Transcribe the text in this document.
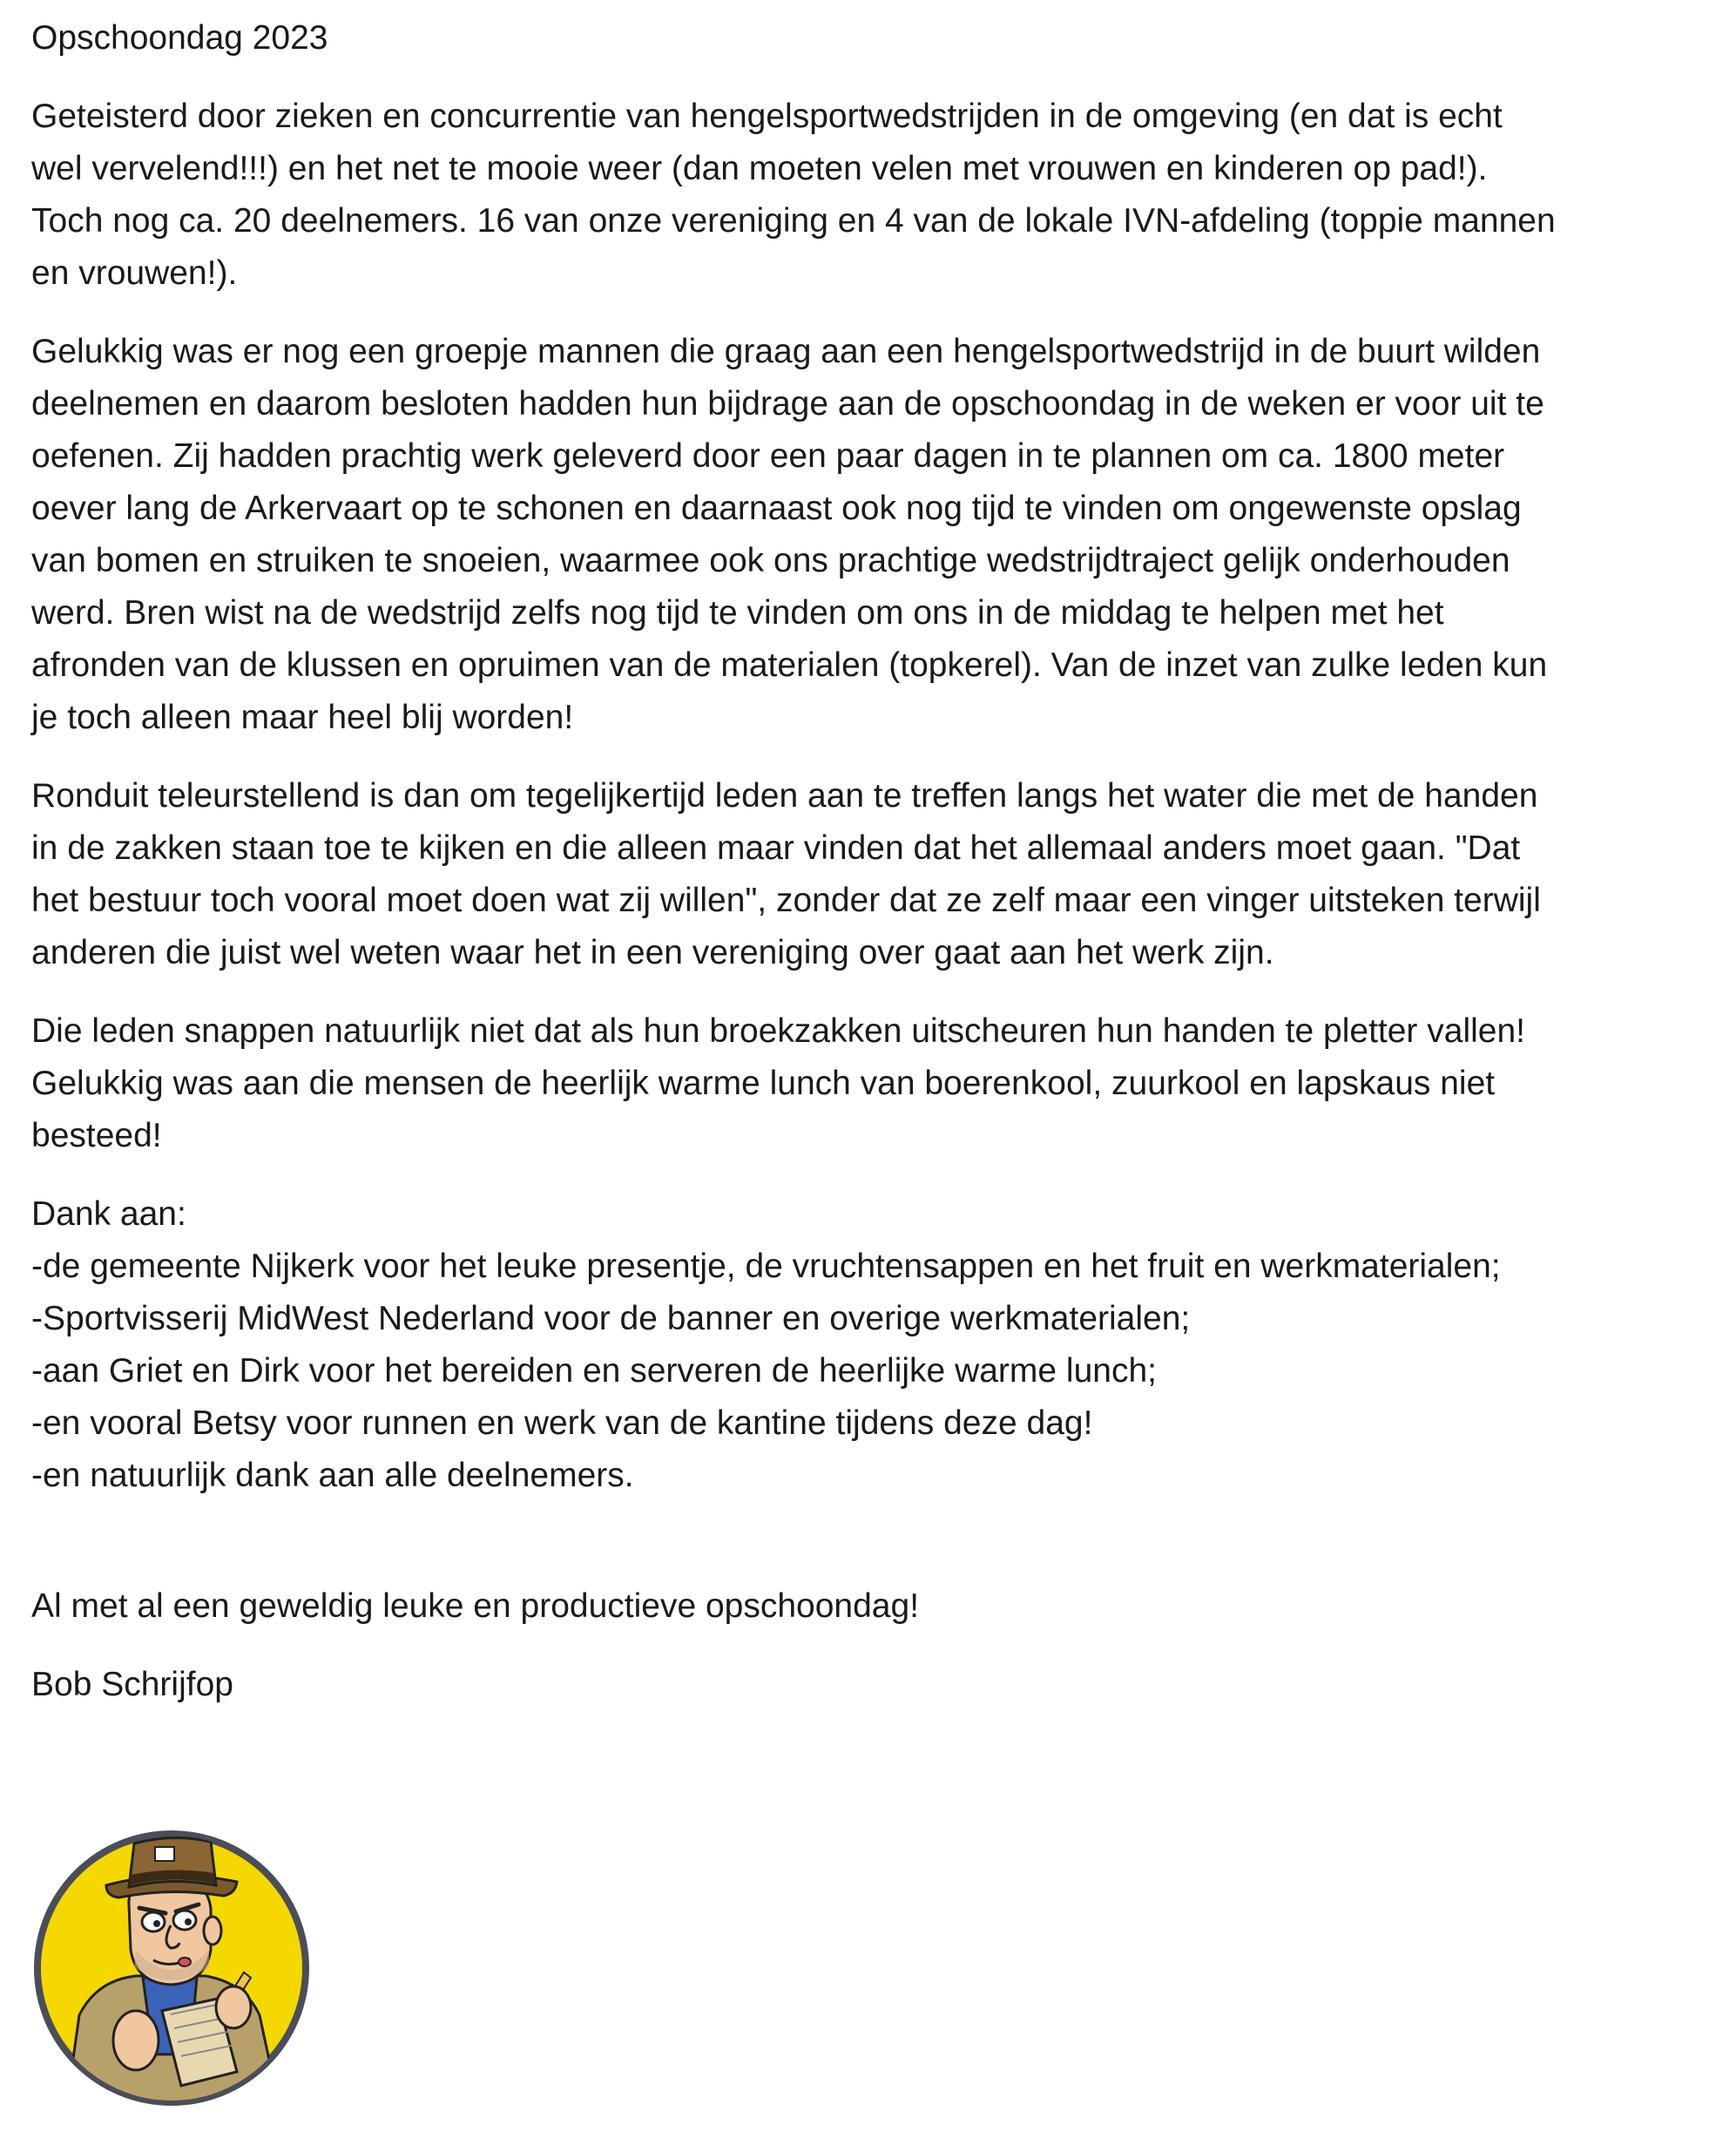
Opschoondag 2023
Geteisterd door zieken en concurrentie van hengelsportwedstrijden in de omgeving (en dat is echt
wel vervelend!!!) en het net te mooie weer (dan moeten velen met vrouwen en kinderen op pad!).
Toch nog ca. 20 deelnemers. 16 van onze vereniging en 4 van de lokale IVN-afdeling (toppie mannen
en vrouwen!).
Gelukkig was er nog een groepje mannen die graag aan een hengelsportwedstrijd in de buurt wilden
deelnemen en daarom besloten hadden hun bijdrage aan de opschoondag in de weken er voor uit te
oefenen. Zij hadden prachtig werk geleverd door een paar dagen in te plannen om ca. 1800 meter
oever lang de Arkervaart op te schonen en daarnaast ook nog tijd te vinden om ongewenste opslag
van bomen en struiken te snoeien, waarmee ook ons prachtige wedstrijdtraject gelijk onderhouden
werd. Bren wist na de wedstrijd zelfs nog tijd te vinden om ons in de middag te helpen met het
afronden van de klussen en opruimen van de materialen (topkerel). Van de inzet van zulke leden kun
je toch alleen maar heel blij worden!
Ronduit teleurstellend is dan om tegelijkertijd leden aan te treffen langs het water die met de handen
in de zakken staan toe te kijken en die alleen maar vinden dat het allemaal anders moet gaan. "Dat
het bestuur toch vooral moet doen wat zij willen", zonder dat ze zelf maar een vinger uitsteken terwijl
anderen die juist wel weten waar het in een vereniging over gaat aan het werk zijn.
Die leden snappen natuurlijk niet dat als hun broekzakken uitscheuren hun handen te pletter vallen!
Gelukkig was aan die mensen de heerlijk warme lunch van boerenkool, zuurkool en lapskaus niet
besteed!
Dank aan:
-de gemeente Nijkerk voor het leuke presentje, de vruchtensappen en het fruit en werkmaterialen;
-Sportvisserij MidWest Nederland voor de banner en overige werkmaterialen;
-aan Griet en Dirk voor het bereiden en serveren de heerlijke warme lunch;
-en vooral Betsy voor runnen en werk van de kantine tijdens deze dag!
-en natuurlijk dank aan alle deelnemers.
Al met al een geweldig leuke en productieve opschoondag!
Bob Schrijfop
